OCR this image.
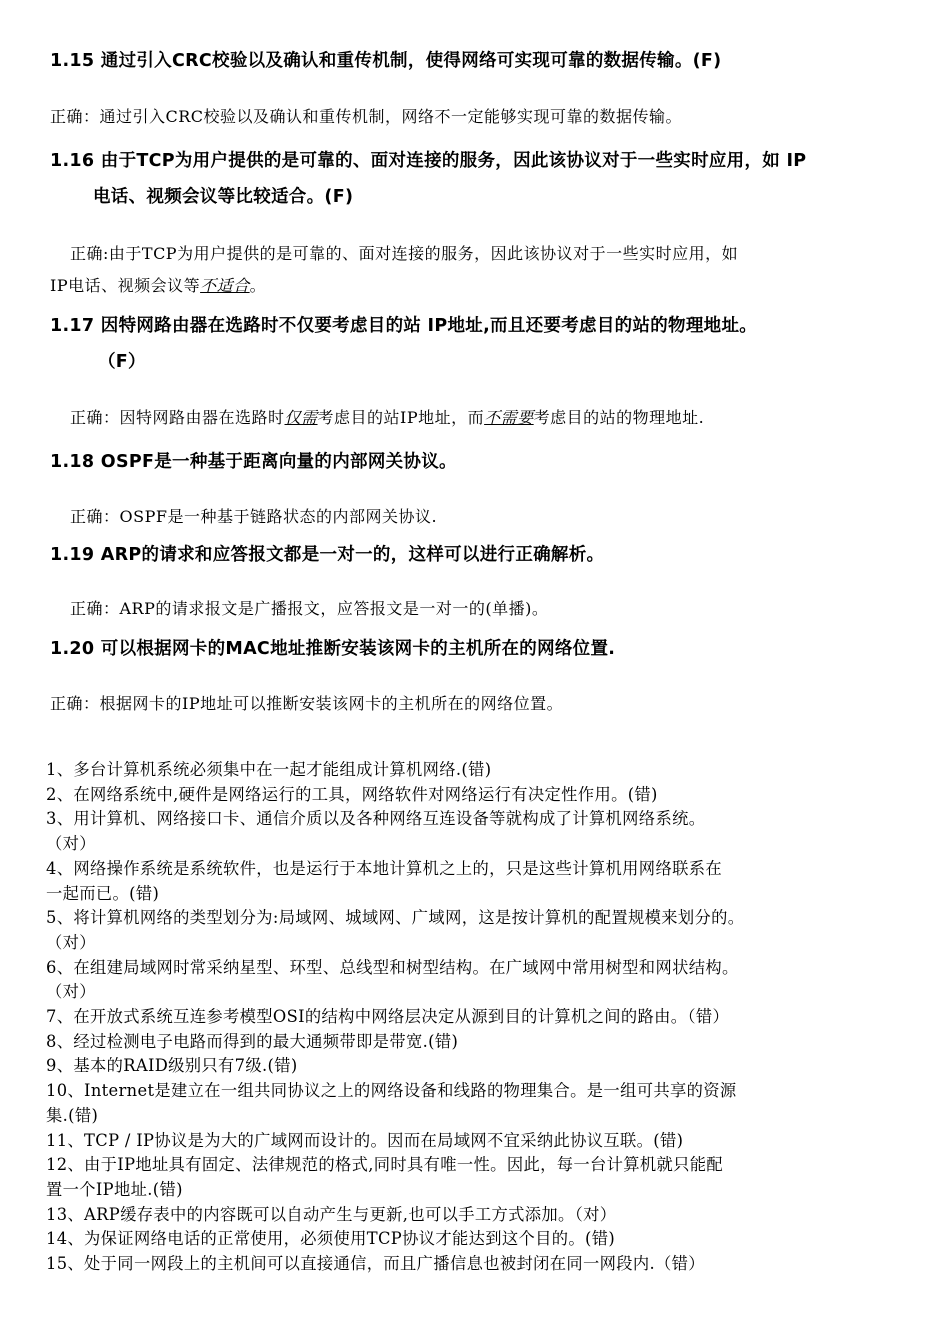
1.15 通过引入CRC校验以及确认和重传机制，使得网络可实现可靠的数据传输。(F)
正确：通过引入CRC校验以及确认和重传机制，网络不一定能够实现可靠的数据传输。
1.16 由于TCP为用户提供的是可靠的、面对连接的服务，因此该协议对于一些实时应用，如 IP
电话、视频会议等比较适合。(F)
正确:由于TCP为用户提供的是可靠的、面对连接的服务，因此该协议对于一些实时应用，如
IP电话、视频会议等不适合。
1.17 因特网路由器在选路时不仅要考虑目的站 IP地址,而且还要考虑目的站的物理地址。
（F）
正确：因特网路由器在选路时仅需考虑目的站IP地址，而不需要考虑目的站的物理地址.
1.18 OSPF是一种基于距离向量的内部网关协议。
正确：OSPF是一种基于链路状态的内部网关协议.
1.19 ARP的请求和应答报文都是一对一的，这样可以进行正确解析。
正确：ARP的请求报文是广播报文，应答报文是一对一的(单播)。
1.20 可以根据网卡的MAC地址推断安装该网卡的主机所在的网络位置.
正确：根据网卡的IP地址可以推断安装该网卡的主机所在的网络位置。
1、多台计算机系统必须集中在一起才能组成计算机网络.(错)
2、在网络系统中,硬件是网络运行的工具，网络软件对网络运行有决定性作用。(错)
3、用计算机、网络接口卡、通信介质以及各种网络互连设备等就构成了计算机网络系统。
（对）
4、网络操作系统是系统软件，也是运行于本地计算机之上的，只是这些计算机用网络联系在
一起而已。(错)
5、将计算机网络的类型划分为:局域网、城域网、广域网，这是按计算机的配置规模来划分的。
（对）
6、在组建局域网时常采纳星型、环型、总线型和树型结构。在广域网中常用树型和网状结构。
（对）
7、在开放式系统互连参考模型OSI的结构中网络层决定从源到目的计算机之间的路由。（错）
8、经过检测电子电路而得到的最大通频带即是带宽.(错)
9、基本的RAID级别只有7级.(错)
10、Internet是建立在一组共同协议之上的网络设备和线路的物理集合。是一组可共享的资源
集.(错)
11、TCP / IP协议是为大的广域网而设计的。因而在局域网不宜采纳此协议互联。(错)
12、由于IP地址具有固定、法律规范的格式,同时具有唯一性。因此，每一台计算机就只能配
置一个IP地址.(错)
13、ARP缓存表中的内容既可以自动产生与更新,也可以手工方式添加。（对）
14、为保证网络电话的正常使用，必须使用TCP协议才能达到这个目的。(错)
15、处于同一网段上的主机间可以直接通信，而且广播信息也被封闭在同一网段内.（错）
